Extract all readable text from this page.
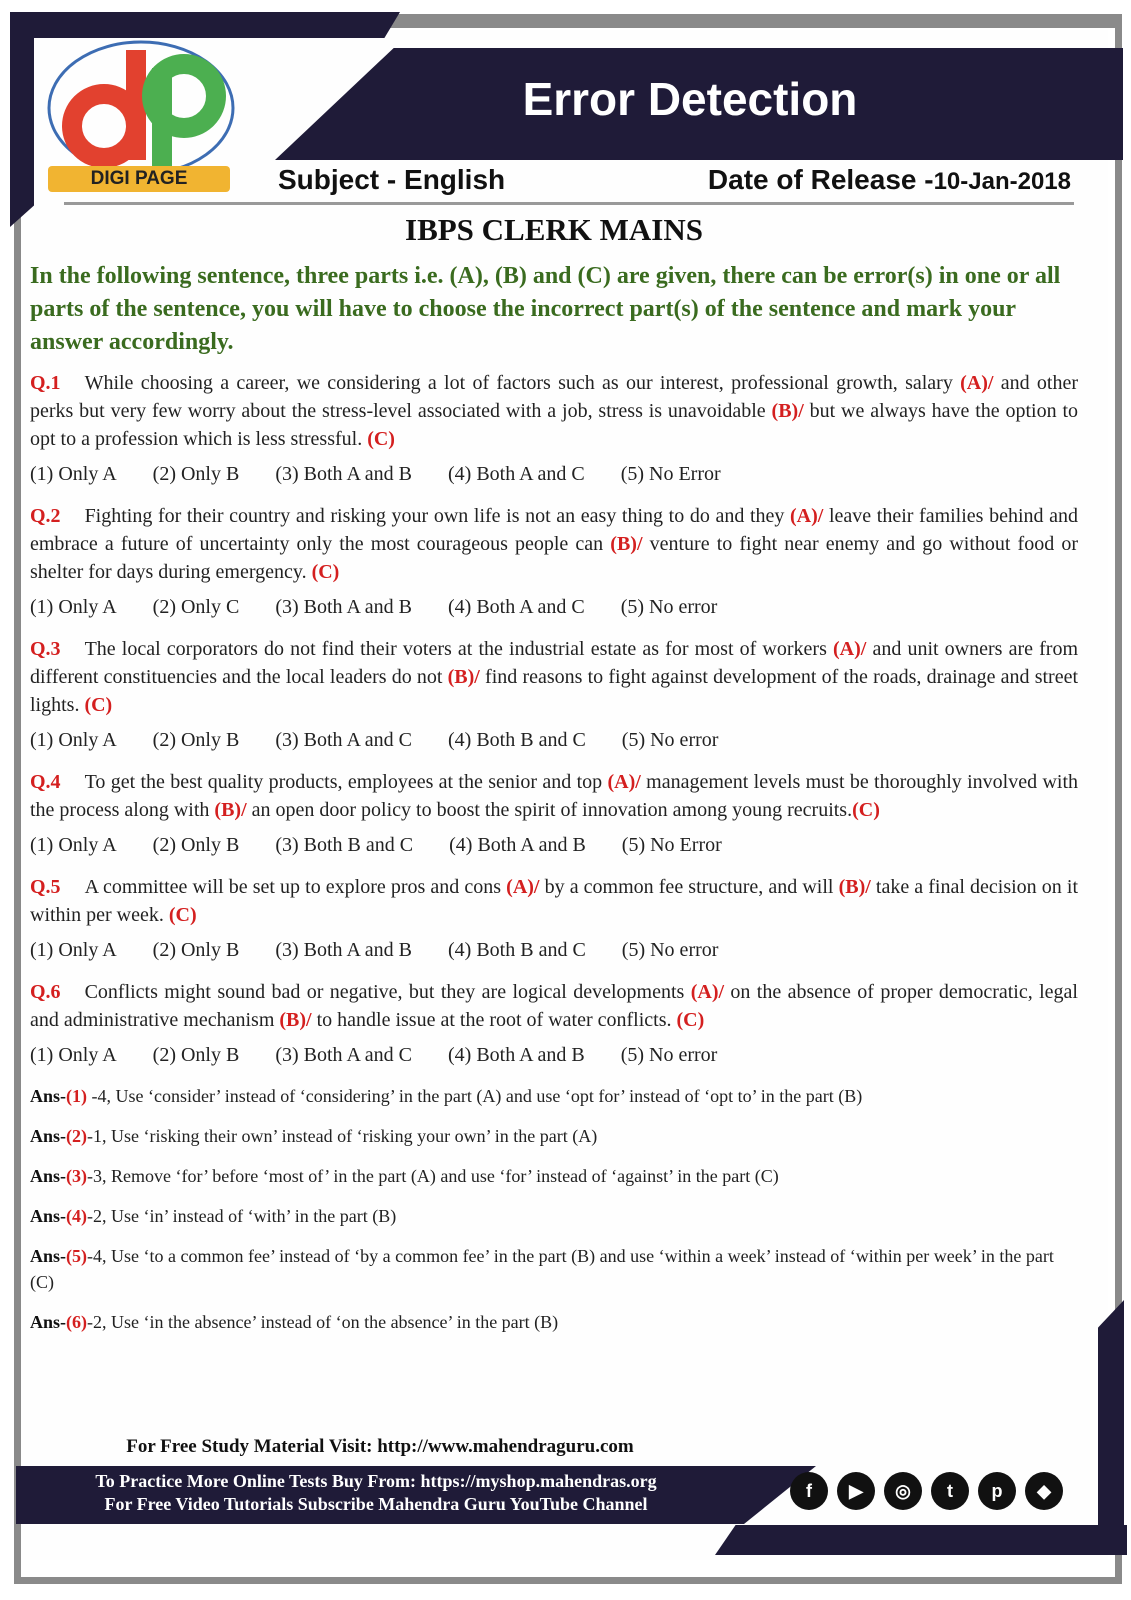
Error Detection
DIGI PAGE	Subject - English	Date of Release -10-Jan-2018
IBPS CLERK MAINS
In the following sentence, three parts i.e. (A), (B) and (C) are given, there can be error(s) in one or all parts of the sentence, you will have to choose the incorrect part(s) of the sentence and mark your answer accordingly.
Q.1 While choosing a career, we considering a lot of factors such as our interest, professional growth, salary (A)/ and other perks but very few worry about the stress-level associated with a job, stress is unavoidable (B)/ but we always have the option to opt to a profession which is less stressful. (C)
(1) Only A (2) Only B (3) Both A and B (4) Both A and C (5) No Error
Q.2 Fighting for their country and risking your own life is not an easy thing to do and they (A)/ leave their families behind and embrace a future of uncertainty only the most courageous people can (B)/ venture to fight near enemy and go without food or shelter for days during emergency. (C)
(1) Only A (2) Only C (3) Both A and B (4) Both A and C (5) No error
Q.3 The local corporators do not find their voters at the industrial estate as for most of workers (A)/ and unit owners are from different constituencies and the local leaders do not (B)/ find reasons to fight against development of the roads, drainage and street lights. (C)
(1) Only A (2) Only B (3) Both A and C (4) Both B and C (5) No error
Q.4 To get the best quality products, employees at the senior and top (A)/ management levels must be thoroughly involved with the process along with (B)/ an open door policy to boost the spirit of innovation among young recruits.(C)
(1) Only A (2) Only B (3) Both B and C (4) Both A and B (5) No Error
Q.5 A committee will be set up to explore pros and cons (A)/ by a common fee structure, and will (B)/ take a final decision on it within per week. (C)
(1) Only A (2) Only B (3) Both A and B (4) Both B and C (5) No error
Q.6 Conflicts might sound bad or negative, but they are logical developments (A)/ on the absence of proper democratic, legal and administrative mechanism (B)/ to handle issue at the root of water conflicts. (C)
(1) Only A (2) Only B (3) Both A and C (4) Both A and B (5) No error
Ans-(1) -4, Use ‘consider’ instead of ‘considering’ in the part (A) and use ‘opt for’ instead of ‘opt to’ in the part (B)
Ans-(2)-1, Use ‘risking their own’ instead of ‘risking your own’ in the part (A)
Ans-(3)-3, Remove ‘for’ before ‘most of’ in the part (A) and use ‘for’ instead of ‘against’ in the part (C)
Ans-(4)-2, Use ‘in’ instead of ‘with’ in the part (B)
Ans-(5)-4, Use ‘to a common fee’ instead of ‘by a common fee’ in the part (B) and use ‘within a week’ instead of ‘within per week’ in the part (C)
Ans-(6)-2, Use ‘in the absence’ instead of ‘on the absence’ in the part (B)
For Free Study Material Visit: http://www.mahendraguru.com
To Practice More Online Tests Buy From: https://myshop.mahendras.org
For Free Video Tutorials Subscribe Mahendra Guru YouTube Channel
f	▶	◎	t	p	◆
